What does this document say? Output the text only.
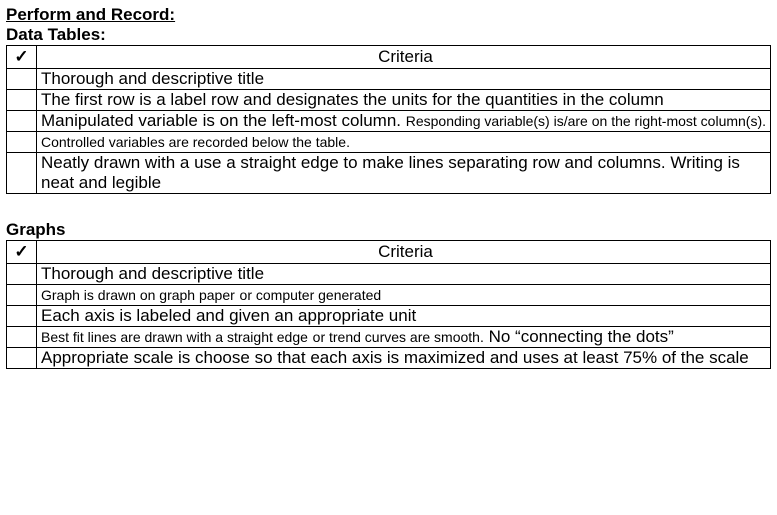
Perform and Record:

Data Tables:

✓	Criteria
	Thorough and descriptive title
	The first row is a label row and designates the units for the quantities in the column
	Manipulated variable is on the left-most column. Responding variable(s) is/are on the right-most column(s).
	Controlled variables are recorded below the table.
	Neatly drawn with a use a straight edge to make lines separating row and columns. Writing is neat and legible

Graphs

✓	Criteria
	Thorough and descriptive title
	Graph is drawn on graph paper or computer generated
	Each axis is labeled and given an appropriate unit
	Best fit lines are drawn with a straight edge or trend curves are smooth. No “connecting the dots”
	Appropriate scale is choose so that each axis is maximized and uses at least 75% of the scale
